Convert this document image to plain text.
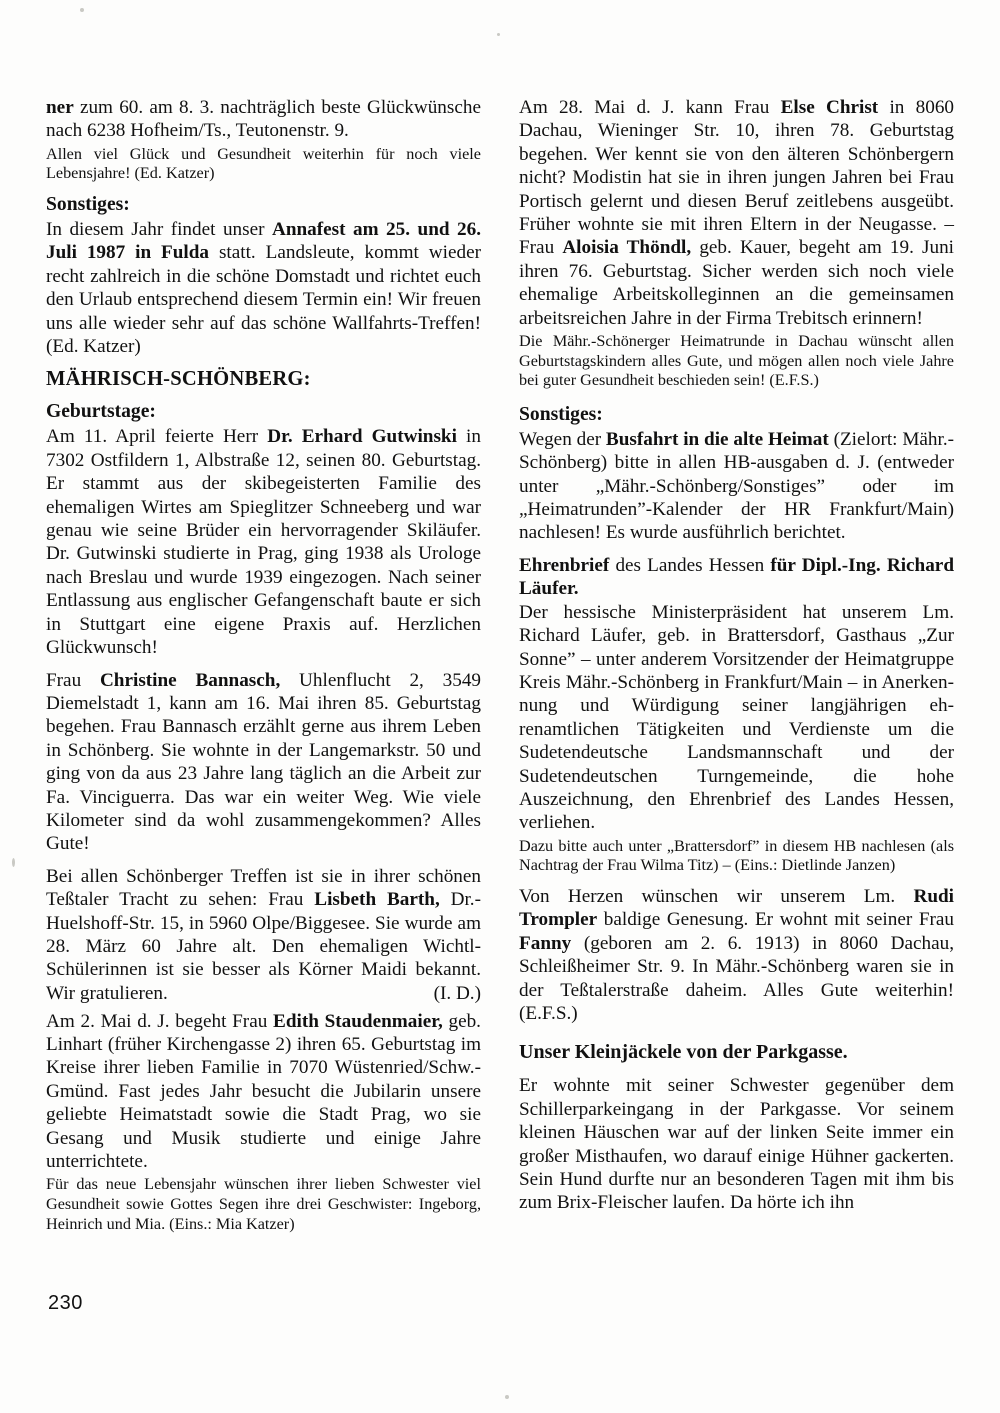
ner zum 60. am 8. 3. nachträglich beste Glückwünsche nach 6238 Hofheim/Ts., Teutonenstr. 9.

Allen viel Glück und Gesundheit weiterhin für noch viele Lebensjahre! (Ed. Katzer)

Sonstiges:

In diesem Jahr findet unser Annafest am 25. und 26. Juli 1987 in Fulda statt. Landsleute, kommt wieder recht zahlreich in die schöne Domstadt und richtet euch den Urlaub entsprechend diesem Termin ein! Wir freuen uns alle wieder sehr auf das schöne Wallfahrts-Treffen! (Ed. Katzer)

MÄHRISCH-SCHÖNBERG:
Geburtstage:

Am 11. April feierte Herr Dr. Erhard Gutwinski in 7302 Ostfildern 1, Albstraße 12, seinen 80. Geburtstag. Er stammt aus der skibegeisterten Familie des ehemaligen Wirtes am Spieglitzer Schneeberg und war genau wie seine Brüder ein hervorragender Skiläufer. Dr. Gutwinski studierte in Prag, ging 1938 als Urologe nach Breslau und wurde 1939 eingezogen. Nach seiner Entlassung aus englischer Gefangenschaft baute er sich in Stuttgart eine eigene Praxis auf. Herzlichen Glückwunsch!

Frau Christine Bannasch, Uhlenflucht 2, 3549 Diemelstadt 1, kann am 16. Mai ihren 85. Geburtstag begehen. Frau Bannasch erzählt gerne aus ihrem Leben in Schönberg. Sie wohnte in der Langemarkstr. 50 und ging von da aus 23 Jahre lang täglich an die Arbeit zur Fa. Vinciguerra. Das war ein weiter Weg. Wie viele Kilometer sind da wohl zusammengekommen? Alles Gute!

Bei allen Schönberger Treffen ist sie in ihrer schönen Teßtaler Tracht zu sehen: Frau Lisbeth Barth, Dr.-Huelshoff-Str. 15, in 5960 Olpe/Biggesee. Sie wurde am 28. März 60 Jahre alt. Den ehemaligen Wichtl-Schülerinnen ist sie besser als Körner Maidi bekannt. Wir gratulieren.	(I. D.)

Am 2. Mai d. J. begeht Frau Edith Staudenmaier, geb. Linhart (früher Kirchengasse 2) ihren 65. Geburtstag im Kreise ihrer lieben Familie in 7070 Wüstenried/Schw.-Gmünd. Fast jedes Jahr besucht die Jubilarin unsere geliebte Heimatstadt sowie die Stadt Prag, wo sie Gesang und Musik studierte und einige Jahre unterrichtete.

Für das neue Lebensjahr wünschen ihrer lieben Schwester viel Gesundheit sowie Gottes Segen ihre drei Geschwister: Ingeborg, Heinrich und Mia. (Eins.: Mia Katzer)

Am 28. Mai d. J. kann Frau Else Christ in 8060 Dachau, Wieninger Str. 10, ihren 78. Geburtstag begehen. Wer kennt sie von den älteren Schönbergern nicht? Modistin hat sie in ihren jungen Jahren bei Frau Portisch gelernt und diesen Beruf zeitlebens ausgeübt. Früher wohnte sie mit ihren Eltern in der Neugasse. – Frau Aloisia Thöndl, geb. Kauer, begeht am 19. Juni ihren 76. Geburtstag. Sicher werden sich noch viele ehemalige Arbeitskolleginnen an die gemeinsamen arbeitsreichen Jahre in der Firma Trebitsch erinnern!

Die Mähr.-Schönerger Heimatrunde in Dachau wünscht allen Geburtstagskindern alles Gute, und mögen allen noch viele Jahre bei guter Gesundheit beschieden sein! (E.F.S.)

Sonstiges:

Wegen der Busfahrt in die alte Heimat (Zielort: Mähr.-Schönberg) bitte in allen HB-ausgaben d. J. (entweder unter „Mähr.-Schönberg/Sonstiges” oder im „Heimatrunden”-Kalender der HR Frankfurt/Main) nachlesen! Es wurde ausführlich berichtet.

Ehrenbrief des Landes Hessen für Dipl.-Ing. Richard Läufer.

Der hessische Ministerpräsident hat unserem Lm. Richard Läufer, geb. in Brattersdorf, Gasthaus „Zur Sonne” – unter anderem Vorsitzender der Heimatgruppe Kreis Mähr.-Schönberg in Frankfurt/Main – in Anerkennung und Würdigung seiner langjährigen ehrenamtlichen Tätigkeiten und Verdienste um die Sudetendeutsche Landsmannschaft und der Sudetendeutschen Turngemeinde, die hohe Auszeichnung, den Ehrenbrief des Landes Hessen, verliehen.

Dazu bitte auch unter „Brattersdorf” in diesem HB nachlesen (als Nachtrag der Frau Wilma Titz) – (Eins.: Dietlinde Janzen)

Von Herzen wünschen wir unserem Lm. Rudi Trompler baldige Genesung. Er wohnt mit seiner Frau Fanny (geboren am 2. 6. 1913) in 8060 Dachau, Schleißheimer Str. 9. In Mähr.-Schönberg waren sie in der Teßtalerstraße daheim. Alles Gute weiterhin! (E.F.S.)

Unser Kleinjäckele von der Parkgasse.

Er wohnte mit seiner Schwester gegenüber dem Schillerparkeingang in der Parkgasse. Vor seinem kleinen Häuschen war auf der linken Seite immer ein großer Misthaufen, wo darauf einige Hühner gackerten. Sein Hund durfte nur an besonderen Tagen mit ihm bis zum Brix-Fleischer laufen. Da hörte ich ihn

230
